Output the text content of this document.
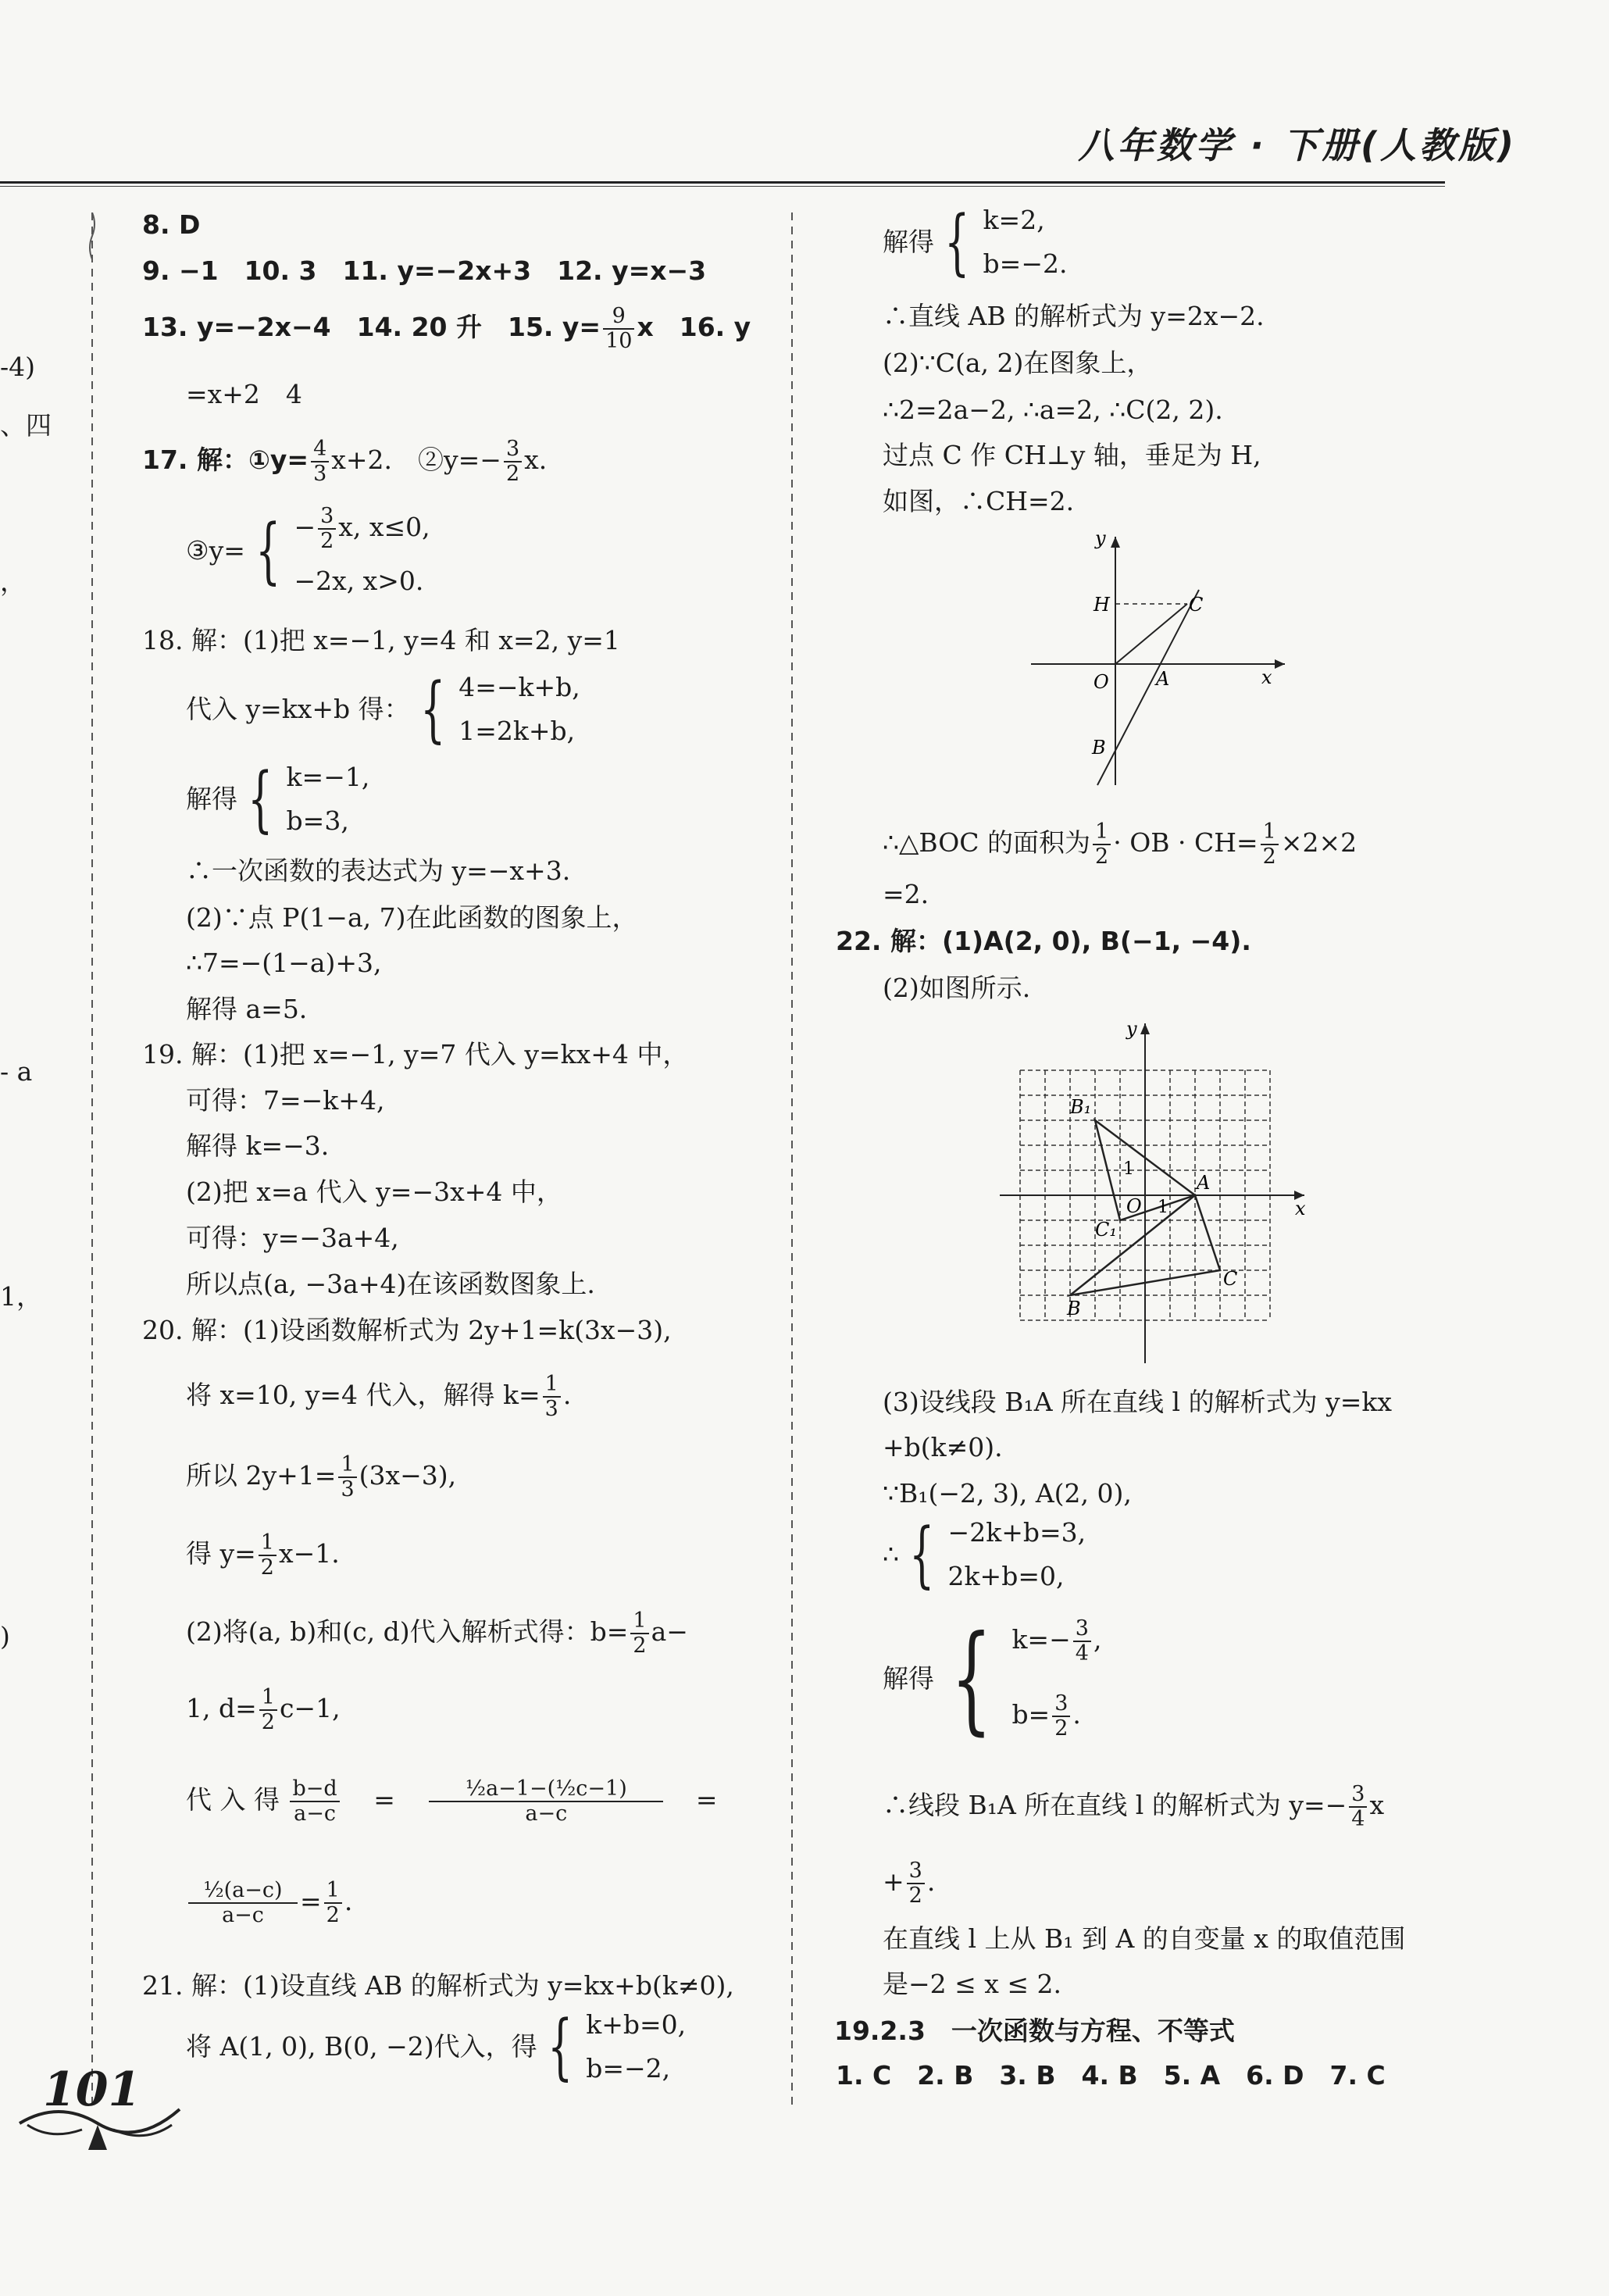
八年数学 · 下册(人教版)
-4)
、四
，
- a
1，
)
8. D
9. −1　10. 3　11. y=−2x+3　12. y=x−3
13. y=−2x−4　14. 20 升　15. $y= \frac{9}{10}$ x　16. y
=x+2　4
17. 解：①y= $\frac{4}{3} x+2$.　②y=− $\frac{3}{2} x$.
③y= { − $\frac{3}{2} x$, x≤0,
−2x, x>0.
18. 解：(1)把 x=−1, y=4 和 x=2, y=1
代入 y=kx+b 得： { 4=−k+b,
1=2k+b,
解得 { k=−1,
b=3,
∴一次函数的表达式为 y=−x+3.
(2)∵点 P(1−a, 7)在此函数的图象上，
∴7=−(1−a)+3,
解得 a=5.
19. 解：(1)把 x=−1, y=7 代入 y=kx+4 中，
可得：7=−k+4,
解得 k=−3.
(2)把 x=a 代入 y=−3x+4 中，
可得：y=−3a+4,
所以点(a, −3a+4)在该函数图象上.
20. 解：(1)设函数解析式为 2y+1=k(3x−3),
将 x=10, y=4 代入，解得 $k= \frac{1}{3}$ .
所以 $2y+1= \frac{1}{3} (3x-3)$,
得 $y= \frac{1}{2} x-1$.
(2)将(a, b)和(c, d)代入解析式得：$b= \frac{1}{2} a-$
1, $d= \frac{1}{2} c-1$,
代 入 得 $\frac{b-d}{a-c} = \frac{\text{½a−1−(½c−1)}}{a-c}$ =
$\frac{\text{½(a−c)}}{a-c} = \frac{1}{2}$ .
21. 解：(1)设直线 AB 的解析式为 y=kx+b(k≠0),
将 A(1, 0), B(0, −2)代入，得 { k+b=0,
b=−2,
解得 { k=2,
b=−2.
∴直线 AB 的解析式为 y=2x−2.
(2)∵C(a, 2)在图象上，
∴2=2a−2, ∴a=2, ∴C(2, 2).
过点 C 作 CH⊥y 轴，垂足为 H,
如图，∴CH=2.
y
x
H	C
O	A
B
∴△BOC 的面积为 $\frac{1}{2}$ · OB · $CH= \frac{1}{2} \times 2\times 2$
=2.
22. 解：(1)A(2, 0), B(−1, −4).
(2)如图所示.
y
x
B₁
1
1
O
A
C₁
B
C
(3)设线段 B₁A 所在直线 l 的解析式为 y=kx
+b(k≠0).
∵B₁(−2, 3), A(2, 0),
∴ { −2k+b=3,
2k+b=0,
解得 { $k=- \frac{3}{4}$ ,
$b= \frac{3}{2}$ .
∴线段 B₁A 所在直线 l 的解析式为 $y=- \frac{3}{4}$ x
+ $\frac{3}{2}$ .
在直线 l 上从 B₁ 到 A 的自变量 x 的取值范围
是−2 ≤ x ≤ 2.
19.2.3　一次函数与方程、不等式
1. C　2. B　3. B　4. B　5. A　6. D　7. C
101
